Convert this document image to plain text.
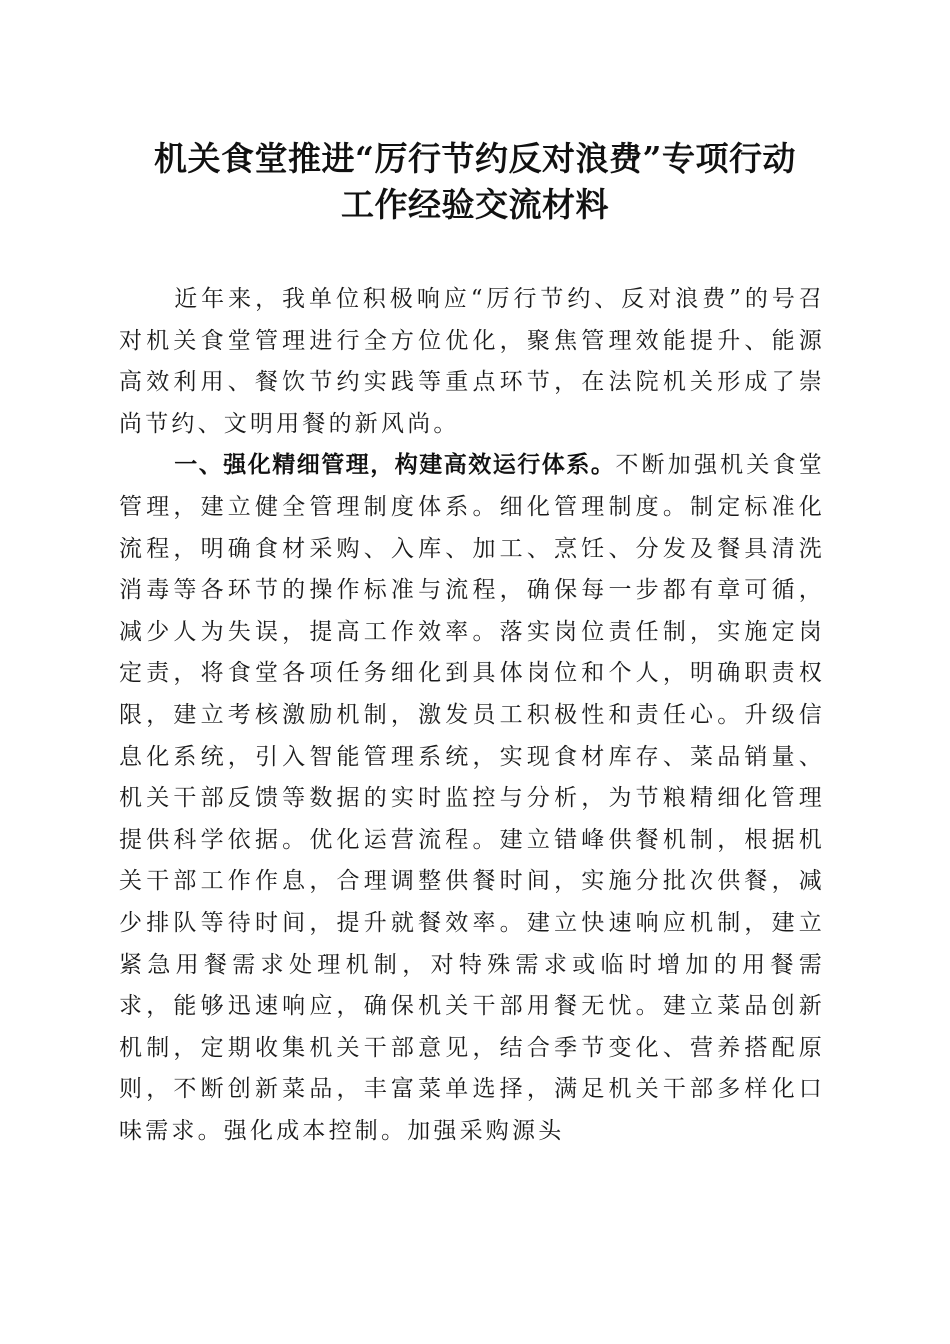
机关食堂推进“厉行节约反对浪费”专项行动
工作经验交流材料

近年来，我单位积极响应“厉行节约、反对浪费”的号召对机关食堂管理进行全方位优化，聚焦管理效能提升、能源高效利用、餐饮节约实践等重点环节，在法院机关形成了崇尚节约、文明用餐的新风尚。

一、强化精细管理，构建高效运行体系。不断加强机关食堂管理，建立健全管理制度体系。细化管理制度。制定标准化流程，明确食材采购、入库、加工、烹饪、分发及餐具清洗消毒等各环节的操作标准与流程，确保每一步都有章可循，减少人为失误，提高工作效率。落实岗位责任制，实施定岗定责，将食堂各项任务细化到具体岗位和个人，明确职责权限，建立考核激励机制，激发员工积极性和责任心。升级信息化系统，引入智能管理系统，实现食材库存、菜品销量、机关干部反馈等数据的实时监控与分析，为节粮精细化管理提供科学依据。优化运营流程。建立错峰供餐机制，根据机关干部工作作息，合理调整供餐时间，实施分批次供餐，减少排队等待时间，提升就餐效率。建立快速响应机制，建立紧急用餐需求处理机制，对特殊需求或临时增加的用餐需求，能够迅速响应，确保机关干部用餐无忧。建立菜品创新机制，定期收集机关干部意见，结合季节变化、营养搭配原则，不断创新菜品，丰富菜单选择，满足机关干部多样化口味需求。强化成本控制。加强采购源头
